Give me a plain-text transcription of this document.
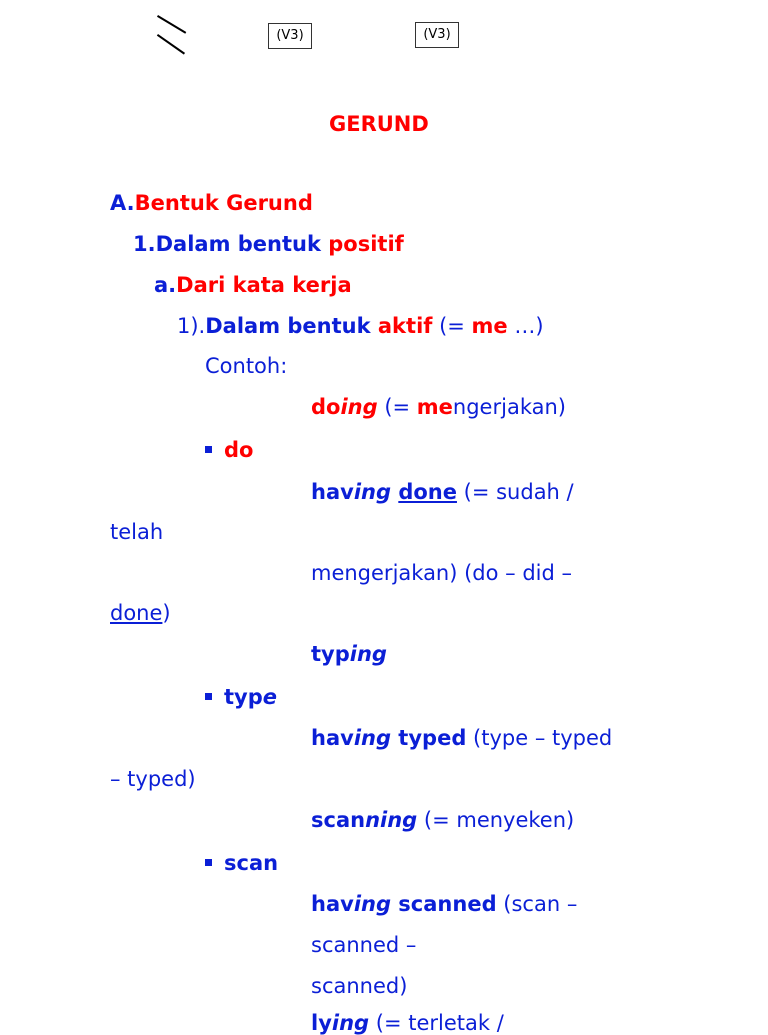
(V3)	(V3)
GERUND
A.Bentuk Gerund
1.Dalam bentuk positif
a.Dari kata kerja
1).Dalam bentuk aktif (= me …)
Contoh:
doing (= mengerjakan)
do
having done (= sudah /
telah
mengerjakan) (do – did –
done)
typing
type
having typed (type – typed
– typed)
scanning (= menyeken)
scan
having scanned (scan –
scanned –
scanned)
lying (= terletak /
